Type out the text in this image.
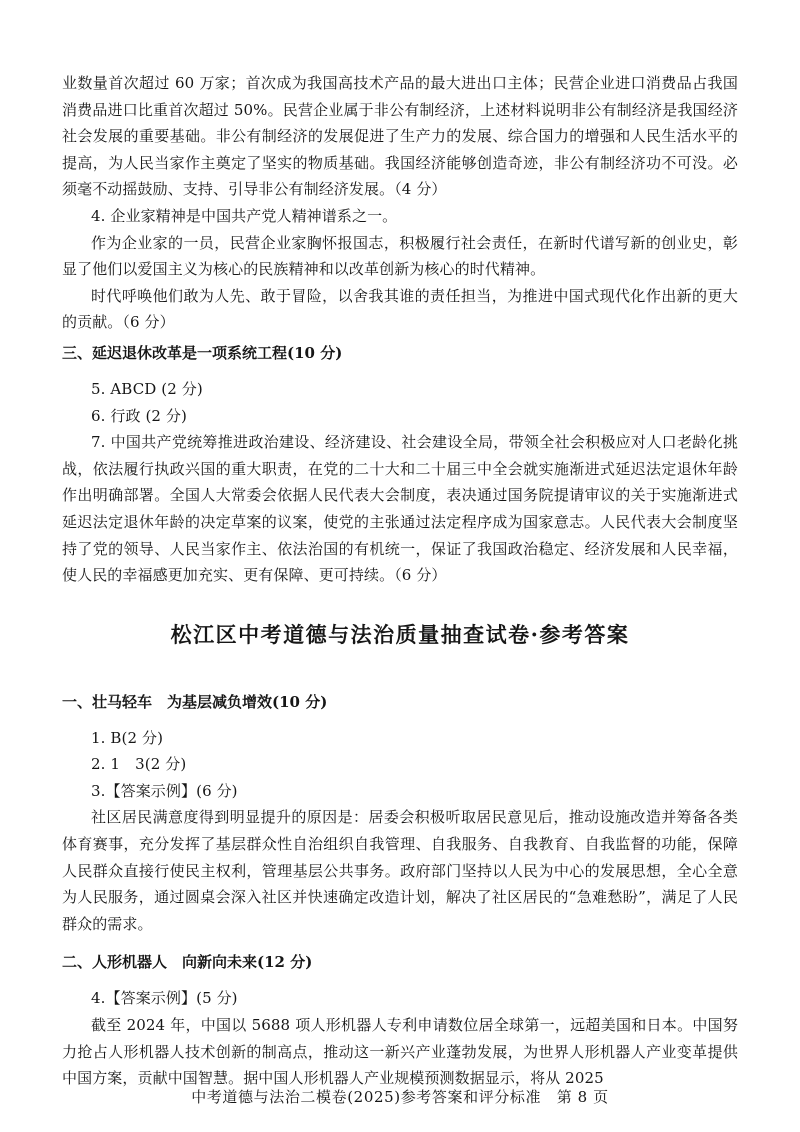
业数量首次超过 60 万家；首次成为我国高技术产品的最大进出口主体；民营企业进口消费品占我国消费品进口比重首次超过 50%。民营企业属于非公有制经济，上述材料说明非公有制经济是我国经济社会发展的重要基础。非公有制经济的发展促进了生产力的发展、综合国力的增强和人民生活水平的提高，为人民当家作主奠定了坚实的物质基础。我国经济能够创造奇迹，非公有制经济功不可没。必须毫不动摇鼓励、支持、引导非公有制经济发展。（4 分）

4. 企业家精神是中国共产党人精神谱系之一。

作为企业家的一员，民营企业家胸怀报国志，积极履行社会责任，在新时代谱写新的创业史，彰显了他们以爱国主义为核心的民族精神和以改革创新为核心的时代精神。

时代呼唤他们敢为人先、敢于冒险，以舍我其谁的责任担当，为推进中国式现代化作出新的更大的贡献。（6 分）

三、延迟退休改革是一项系统工程(10 分)

5. ABCD (2 分)

6. 行政 (2 分)

7. 中国共产党统筹推进政治建设、经济建设、社会建设全局，带领全社会积极应对人口老龄化挑战，依法履行执政兴国的重大职责，在党的二十大和二十届三中全会就实施渐进式延迟法定退休年龄作出明确部署。全国人大常委会依据人民代表大会制度，表决通过国务院提请审议的关于实施渐进式延迟法定退休年龄的决定草案的议案，使党的主张通过法定程序成为国家意志。人民代表大会制度坚持了党的领导、人民当家作主、依法治国的有机统一，保证了我国政治稳定、经济发展和人民幸福，使人民的幸福感更加充实、更有保障、更可持续。（6 分）

松江区中考道德与法治质量抽查试卷·参考答案
一、壮马轻车　为基层减负增效(10 分)

1. B(2 分)

2. 1　3(2 分)

3.【答案示例】(6 分)

社区居民满意度得到明显提升的原因是：居委会积极听取居民意见后，推动设施改造并筹备各类体育赛事，充分发挥了基层群众性自治组织自我管理、自我服务、自我教育、自我监督的功能，保障人民群众直接行使民主权利，管理基层公共事务。政府部门坚持以人民为中心的发展思想，全心全意为人民服务，通过圆桌会深入社区并快速确定改造计划，解决了社区居民的“急难愁盼”，满足了人民群众的需求。

二、人形机器人　向新向未来(12 分)

4.【答案示例】(5 分)

截至 2024 年，中国以 5688 项人形机器人专利申请数位居全球第一，远超美国和日本。中国努力抢占人形机器人技术创新的制高点，推动这一新兴产业蓬勃发展，为世界人形机器人产业变革提供中国方案，贡献中国智慧。据中国人形机器人产业规模预测数据显示，将从 2025

中考道德与法治二模卷(2025)参考答案和评分标准　第 8 页
